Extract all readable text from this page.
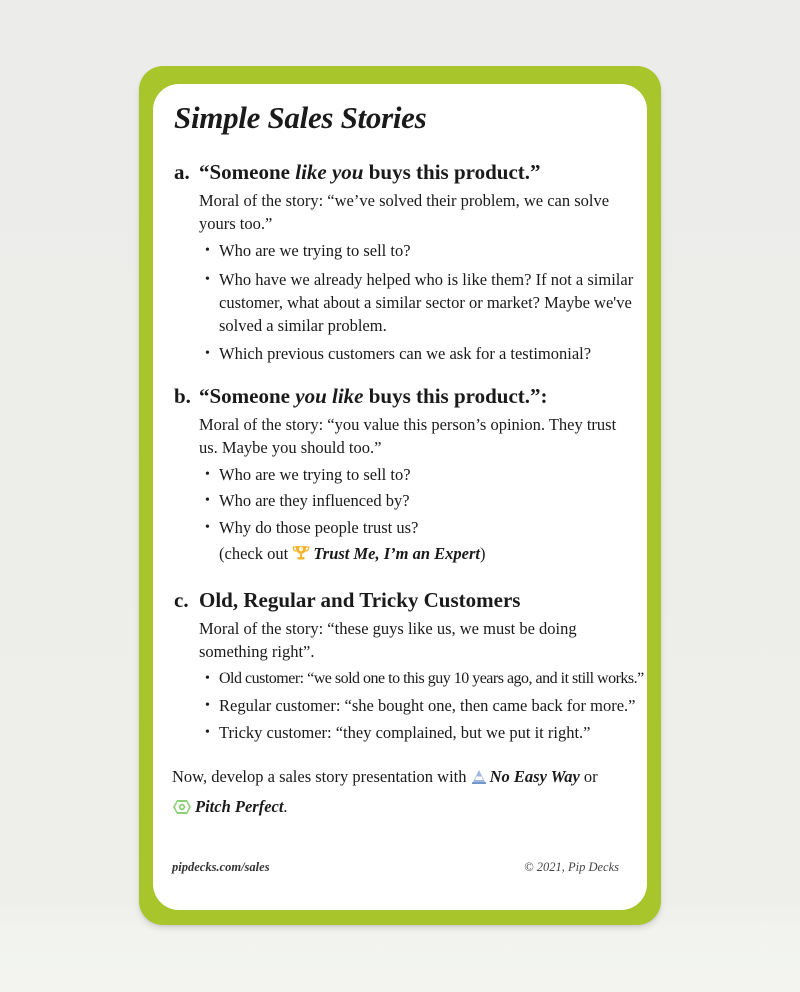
Simple Sales Stories
a. “Someone like you buys this product.”

Moral of the story: “we’ve solved their problem, we can solve yours too.”

• Who are we trying to sell to?
• Who have we already helped who is like them? If not a similar customer, what about a similar sector or market? Maybe we've solved a similar problem.
• Which previous customers can we ask for a testimonial?
b. “Someone you like buys this product.”:

Moral of the story: “you value this person’s opinion. They trust us. Maybe you should too.”

• Who are we trying to sell to?
• Who are they influenced by?
• Why do those people trust us?

(check out Trust Me, I’m an Expert)

c. Old, Regular and Tricky Customers

Moral of the story: “these guys like us, we must be doing something right”.

• Old customer: “we sold one to this guy 10 years ago, and it still works.”
• Regular customer: “she bought one, then came back for more.”
• Tricky customer: “they complained, but we put it right.”

Now, develop a sales story presentation with No Easy Way or
Pitch Perfect.

pipdecks.com/sales	© 2021, Pip Decks
